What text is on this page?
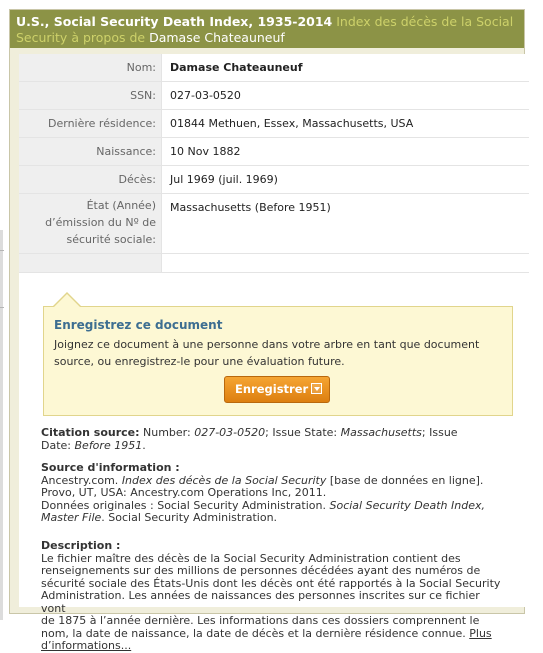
U.S., Social Security Death Index, 1935-2014 Index des décès de la Social Security à propos de Damase Chateauneuf
Nom:	Damase Chateauneuf
SSN:	027-03-0520
Dernière résidence:	01844 Methuen, Essex, Massachusetts, USA
Naissance:	10 Nov 1882
Décès:	Jul 1969 (juil. 1969)

État (Année)
d’émission du Nº de
sécurité sociale:	Massachusetts (Before 1951)

Enregistrez ce document
Joignez ce document à une personne dans votre arbre en tant que document
source, ou enregistrez-le pour une évaluation future.
Enregistrer
Citation source: Number: 027-03-0520; Issue State: Massachusetts; Issue
Date: Before 1951.
Source d'information :
Ancestry.com. Index des décès de la Social Security [base de données en ligne].
Provo, UT, USA: Ancestry.com Operations Inc, 2011.
Données originales : Social Security Administration. Social Security Death Index,
Master File. Social Security Administration.
Description :
Le fichier maître des décès de la Social Security Administration contient des
renseignements sur des millions de personnes décédées ayant des numéros de
sécurité sociale des États-Unis dont les décès ont été rapportés à la Social Security
Administration. Les années de naissances des personnes inscrites sur ce fichier vont
de 1875 à l’année dernière. Les informations dans ces dossiers comprennent le
nom, la date de naissance, la date de décès et la dernière résidence connue. Plus
d’informations...
